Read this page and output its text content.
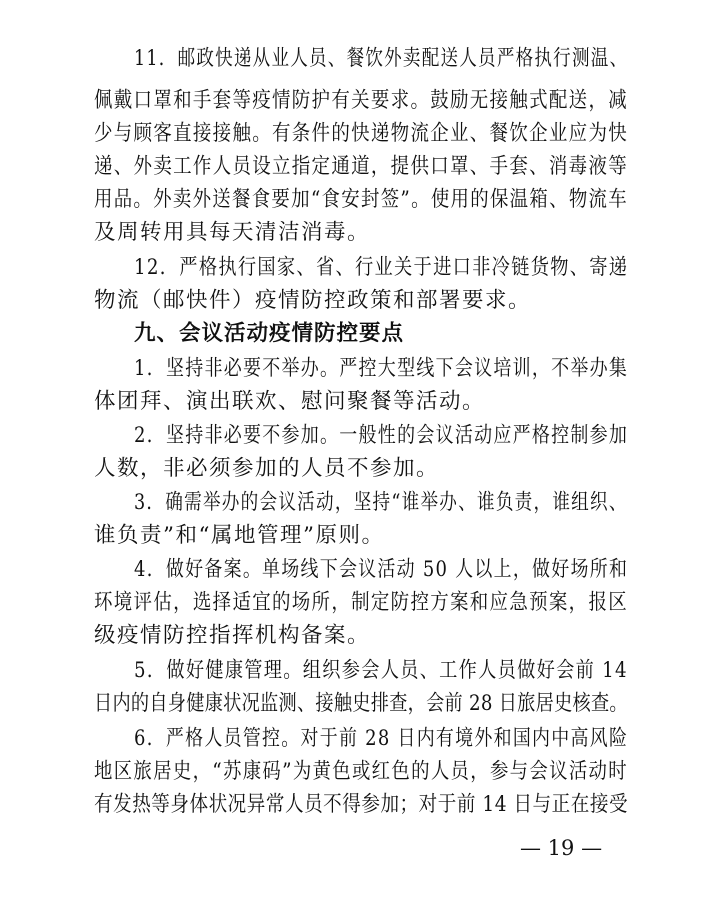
11．邮政快递从业人员、餐饮外卖配送人员严格执行测温、
佩戴口罩和手套等疫情防护有关要求。鼓励无接触式配送，减
少与顾客直接接触。有条件的快递物流企业、餐饮企业应为快
递、外卖工作人员设立指定通道，提供口罩、手套、消毒液等
用品。外卖外送餐食要加“食安封签”。使用的保温箱、物流车
及周转用具每天清洁消毒。
12．严格执行国家、省、行业关于进口非冷链货物、寄递
物流（邮快件）疫情防控政策和部署要求。
九、会议活动疫情防控要点
1．坚持非必要不举办。严控大型线下会议培训，不举办集
体团拜、演出联欢、慰问聚餐等活动。
2．坚持非必要不参加。一般性的会议活动应严格控制参加
人数，非必须参加的人员不参加。
3．确需举办的会议活动，坚持“谁举办、谁负责，谁组织、
谁负责”和“属地管理”原则。
4．做好备案。单场线下会议活动 50 人以上，做好场所和
环境评估，选择适宜的场所，制定防控方案和应急预案，报区
级疫情防控指挥机构备案。
5．做好健康管理。组织参会人员、工作人员做好会前 14
日内的自身健康状况监测、接触史排查，会前 28 日旅居史核查。
6．严格人员管控。对于前 28 日内有境外和国内中高风险
地区旅居史，“苏康码”为黄色或红色的人员，参与会议活动时
有发热等身体状况异常人员不得参加；对于前 14 日与正在接受
— 19 —
